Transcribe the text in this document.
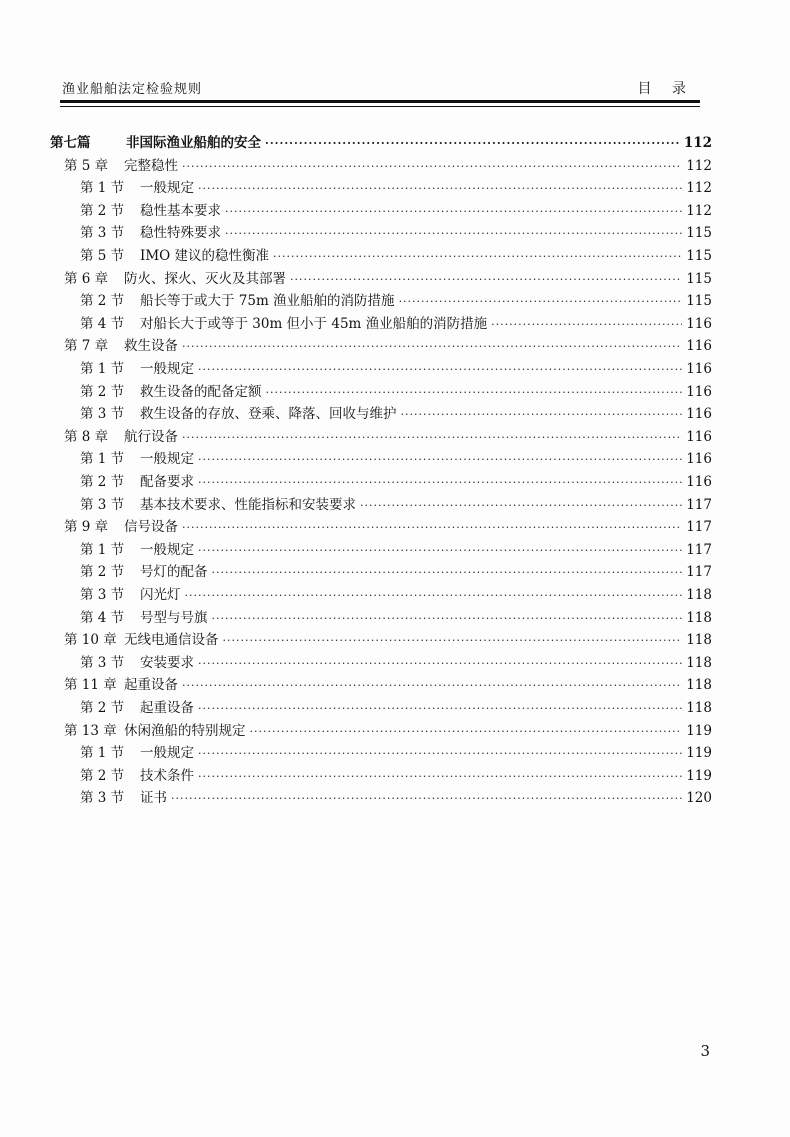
渔业船舶法定检验规则	目 录
第七篇	非国际渔业船舶的安全 ·····	112
第 5 章	完整稳性 ·····	112
第 1 节	一般规定 ·····	112
第 2 节	稳性基本要求 ·····	112
第 3 节	稳性特殊要求 ·····	115
第 5 节	IMO 建议的稳性衡准 ·····	115
第 6 章	防火、探火、灭火及其部署 ·····	115
第 2 节	船长等于或大于 75m 渔业船舶的消防措施 ·····	115
第 4 节	对船长大于或等于 30m 但小于 45m 渔业船舶的消防措施 ·····	116
第 7 章	救生设备 ·····	116
第 1 节	一般规定 ·····	116
第 2 节	救生设备的配备定额 ·····	116
第 3 节	救生设备的存放、登乘、降落、回收与维护 ·····	116
第 8 章	航行设备 ·····	116
第 1 节	一般规定 ·····	116
第 2 节	配备要求 ·····	116
第 3 节	基本技术要求、性能指标和安装要求 ·····	117
第 9 章	信号设备 ·····	117
第 1 节	一般规定 ·····	117
第 2 节	号灯的配备 ·····	117
第 3 节	闪光灯 ·····	118
第 4 节	号型与号旗 ·····	118
第 10 章 无线电通信设备 ·····	118
第 3 节	安装要求 ·····	118
第 11 章 起重设备 ·····	118
第 2 节	起重设备 ·····	118
第 13 章 休闲渔船的特别规定 ·····	119
第 1 节	一般规定 ·····	119
第 2 节	技术条件 ·····	119
第 3 节	证书 ·····	120
3
